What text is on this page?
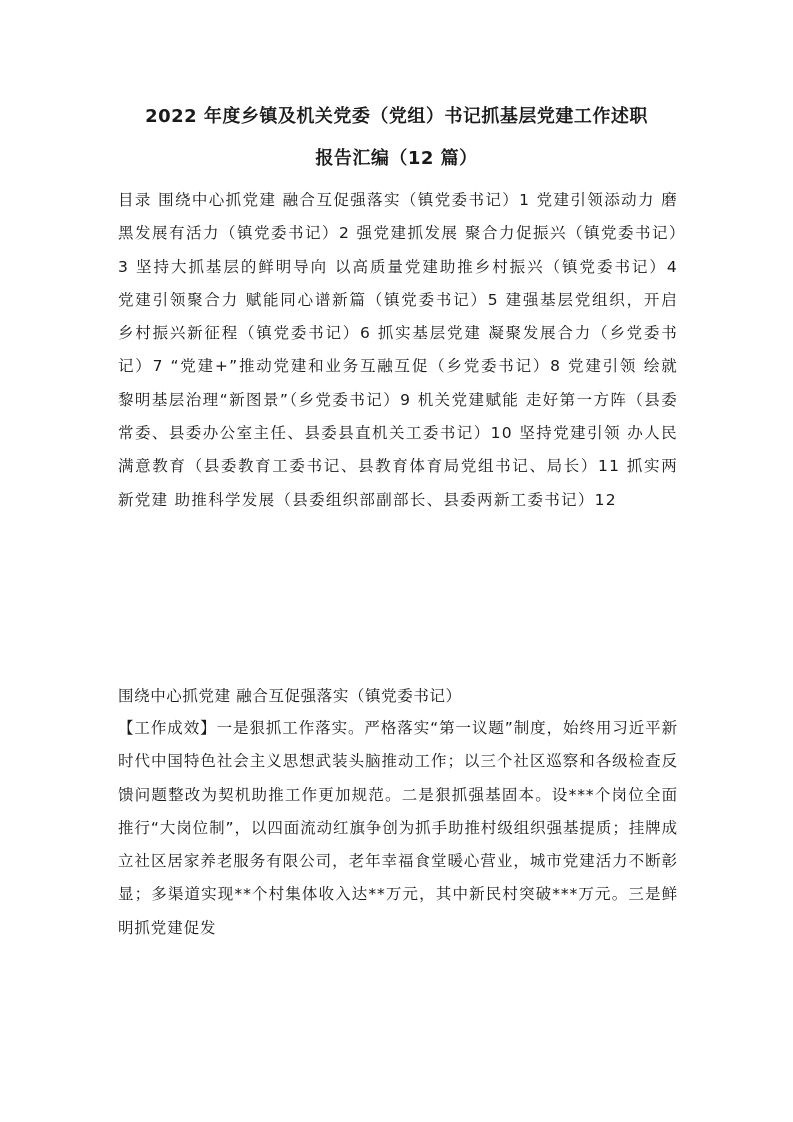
2022 年度乡镇及机关党委（党组）书记抓基层党建工作述职
报告汇编（12 篇）

目录 围绕中心抓党建 融合互促强落实（镇党委书记）1 党建引领添动力 磨黑发展有活力（镇党委书记）2 强党建抓发展 聚合力促振兴（镇党委书记）3 坚持大抓基层的鲜明导向 以高质量党建助推乡村振兴（镇党委书记）4 党建引领聚合力 赋能同心谱新篇（镇党委书记）5 建强基层党组织，开启乡村振兴新征程（镇党委书记）6 抓实基层党建 凝聚发展合力（乡党委书记）7 “党建+”推动党建和业务互融互促（乡党委书记）8 党建引领 绘就黎明基层治理“新图景”（乡党委书记）9 机关党建赋能 走好第一方阵（县委常委、县委办公室主任、县委县直机关工委书记）10 坚持党建引领 办人民满意教育（县委教育工委书记、县教育体育局党组书记、局长）11 抓实两新党建 助推科学发展（县委组织部副部长、县委两新工委书记）12

围绕中心抓党建 融合互促强落实（镇党委书记）

【工作成效】一是狠抓工作落实。严格落实“第一议题”制度，始终用习近平新时代中国特色社会主义思想武装头脑推动工作；以三个社区巡察和各级检查反馈问题整改为契机助推工作更加规范。二是狠抓强基固本。设***个岗位全面推行“大岗位制”，以四面流动红旗争创为抓手助推村级组织强基提质；挂牌成立社区居家养老服务有限公司，老年幸福食堂暖心营业，城市党建活力不断彰显；多渠道实现**个村集体收入达**万元，其中新民村突破***万元。三是鲜明抓党建促发
